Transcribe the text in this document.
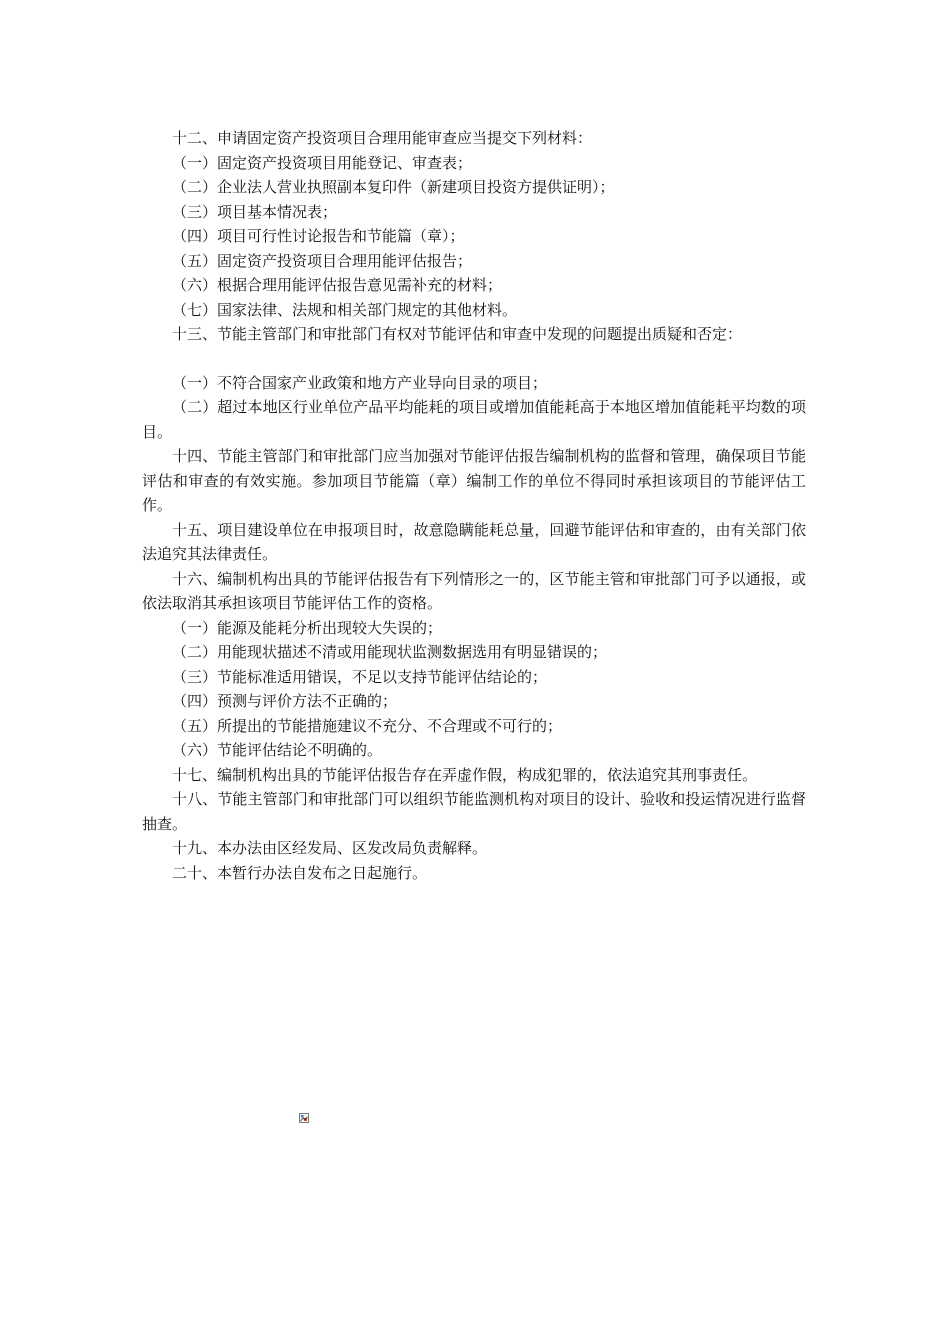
十二、申请固定资产投资项目合理用能审查应当提交下列材料：

（一）固定资产投资项目用能登记、审查表；

（二）企业法人营业执照副本复印件（新建项目投资方提供证明）；

（三）项目基本情况表；

（四）项目可行性讨论报告和节能篇（章）；

（五）固定资产投资项目合理用能评估报告；

（六）根据合理用能评估报告意见需补充的材料；

（七）国家法律、法规和相关部门规定的其他材料。

十三、节能主管部门和审批部门有权对节能评估和审查中发现的问题提出质疑和否定：

（一）不符合国家产业政策和地方产业导向目录的项目；

（二）超过本地区行业单位产品平均能耗的项目或增加值能耗高于本地区增加值能耗平均数的项目。

十四、节能主管部门和审批部门应当加强对节能评估报告编制机构的监督和管理，确保项目节能评估和审查的有效实施。参加项目节能篇（章）编制工作的单位不得同时承担该项目的节能评估工作。

十五、项目建设单位在申报项目时，故意隐瞒能耗总量，回避节能评估和审查的，由有关部门依法追究其法律责任。

十六、编制机构出具的节能评估报告有下列情形之一的，区节能主管和审批部门可予以通报，或依法取消其承担该项目节能评估工作的资格。

（一）能源及能耗分析出现较大失误的；

（二）用能现状描述不清或用能现状监测数据选用有明显错误的；

（三）节能标准适用错误，不足以支持节能评估结论的；

（四）预测与评价方法不正确的；

（五）所提出的节能措施建议不充分、不合理或不可行的；

（六）节能评估结论不明确的。

十七、编制机构出具的节能评估报告存在弄虚作假，构成犯罪的，依法追究其刑事责任。

十八、节能主管部门和审批部门可以组织节能监测机构对项目的设计、验收和投运情况进行监督抽查。

十九、本办法由区经发局、区发改局负责解释。

二十、本暂行办法自发布之日起施行。
